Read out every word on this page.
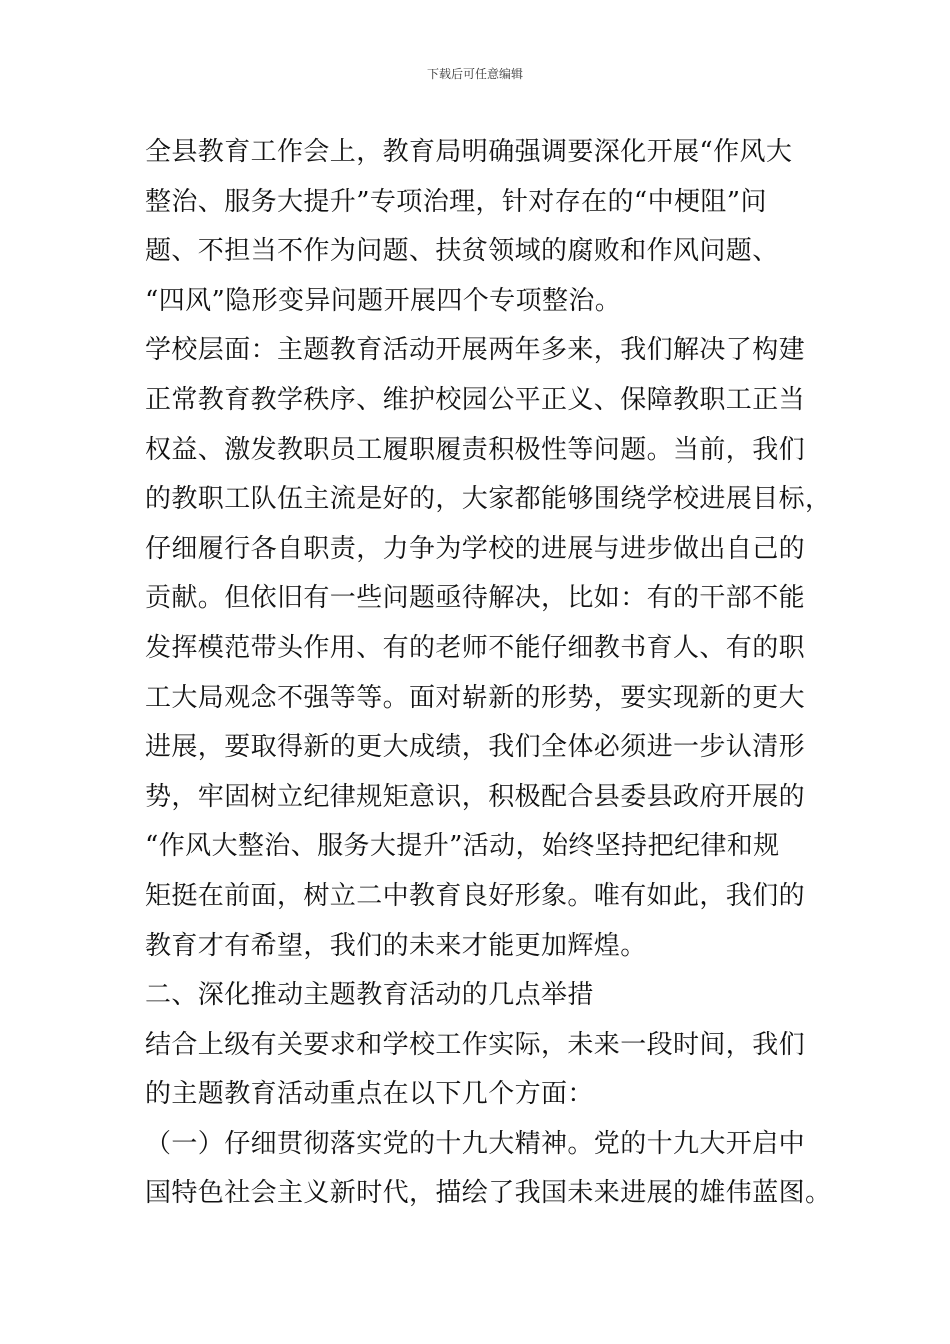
下载后可任意编辑
全县教育工作会上，教育局明确强调要深化开展“作风大
整治、服务大提升”专项治理，针对存在的“中梗阻”问
题、不担当不作为问题、扶贫领域的腐败和作风问题、
“四风”隐形变异问题开展四个专项整治。
学校层面：主题教育活动开展两年多来，我们解决了构建
正常教育教学秩序、维护校园公平正义、保障教职工正当
权益、激发教职员工履职履责积极性等问题。当前，我们
的教职工队伍主流是好的，大家都能够围绕学校进展目标，
仔细履行各自职责，力争为学校的进展与进步做出自己的
贡献。但依旧有一些问题亟待解决，比如：有的干部不能
发挥模范带头作用、有的老师不能仔细教书育人、有的职
工大局观念不强等等。面对崭新的形势，要实现新的更大
进展，要取得新的更大成绩，我们全体必须进一步认清形
势，牢固树立纪律规矩意识，积极配合县委县政府开展的
“作风大整治、服务大提升”活动，始终坚持把纪律和规
矩挺在前面，树立二中教育良好形象。唯有如此，我们的
教育才有希望，我们的未来才能更加辉煌。
二、深化推动主题教育活动的几点举措
结合上级有关要求和学校工作实际，未来一段时间，我们
的主题教育活动重点在以下几个方面：
（一）仔细贯彻落实党的十九大精神。党的十九大开启中
国特色社会主义新时代，描绘了我国未来进展的雄伟蓝图。
